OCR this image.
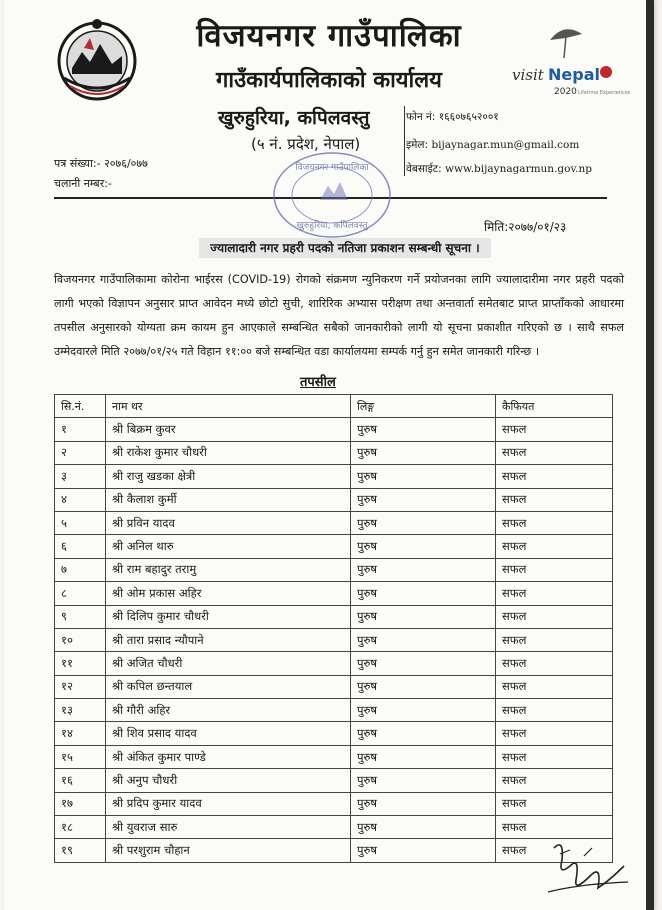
विजयनगर गाउँपालिका
गाउँकार्यपालिकाको कार्यालय
खुरुहुरिया, कपिलवस्तु
(५ नं. प्रदेश, नेपाल)
visit Nepal
2020 Lifetime Experiences
फोन नं: १६६०७६५२००१
इमेल: bijaynagar.mun@gmail.com
वेबसाईट: www.bijaynagarmun.gov.np
पत्र संख्या:- २०७६/०७७
चलानी नम्बर:-
विजयनगर गाउँपालिका
खुरुहुरिया, कपिलवस्तु	मिति:२०७७/०१/२३
ज्यालादारी नगर प्रहरी पदको नतिजा प्रकाशन सम्बन्धी सूचना ।
विजयनगर गाउँपालिकामा कोरोना भाईरस (COVID-19) रोगको संक्रमण न्युनिकरण गर्ने प्रयोजनका लागि ज्यालादारीमा नगर प्रहरी पदको लागी भएको विज्ञापन अनुसार प्राप्त आवेदन मध्ये छोटो सुची, शारिरिक अभ्यास परीक्षण तथा अन्तवार्ता समेतबाट प्राप्त प्राप्ताँकको आधारमा तपसील अनुसारको योग्यता क्रम कायम हुन आएकाले सम्बन्धित सबैको जानकारीको लागी यो सूचना प्रकाशीत गरिएको छ । साथै सफल उम्मेदवारले मिति २०७७/०१/२५ गते विहान ११:०० बजे सम्बन्धित वडा कार्यालयमा सम्पर्क गर्नु हुन समेत जानकारी गरिन्छ ।
तपसील
सि.नं.	नाम थर	लिङ्ग	कैफियत
१	श्री बिक्रम कुवर	पुरुष	सफल
२	श्री राकेश कुमार चौधरी	पुरुष	सफल
३	श्री राजु खडका क्षेत्री	पुरुष	सफल
४	श्री कैलाश कुर्मी	पुरुष	सफल
५	श्री प्रविन यादव	पुरुष	सफल
६	श्री अनिल थारु	पुरुष	सफल
७	श्री राम बहादुर तरामु	पुरुष	सफल
८	श्री ओम प्रकास अहिर	पुरुष	सफल
९	श्री दिलिप कुमार चौधरी	पुरुष	सफल
१०	श्री तारा प्रसाद न्यौपाने	पुरुष	सफल
११	श्री अजित चौधरी	पुरुष	सफल
१२	श्री कपिल छन्तयाल	पुरुष	सफल
१३	श्री गौरी अहिर	पुरुष	सफल
१४	श्री शिव प्रसाद यादव	पुरुष	सफल
१५	श्री अंकित कुमार पाण्डे	पुरुष	सफल
१६	श्री अनुप चौधरी	पुरुष	सफल
१७	श्री प्रदिप कुमार यादव	पुरुष	सफल
१८	श्री युवराज सारु	पुरुष	सफल
१९	श्री परशुराम चौहान	पुरुष	सफल
